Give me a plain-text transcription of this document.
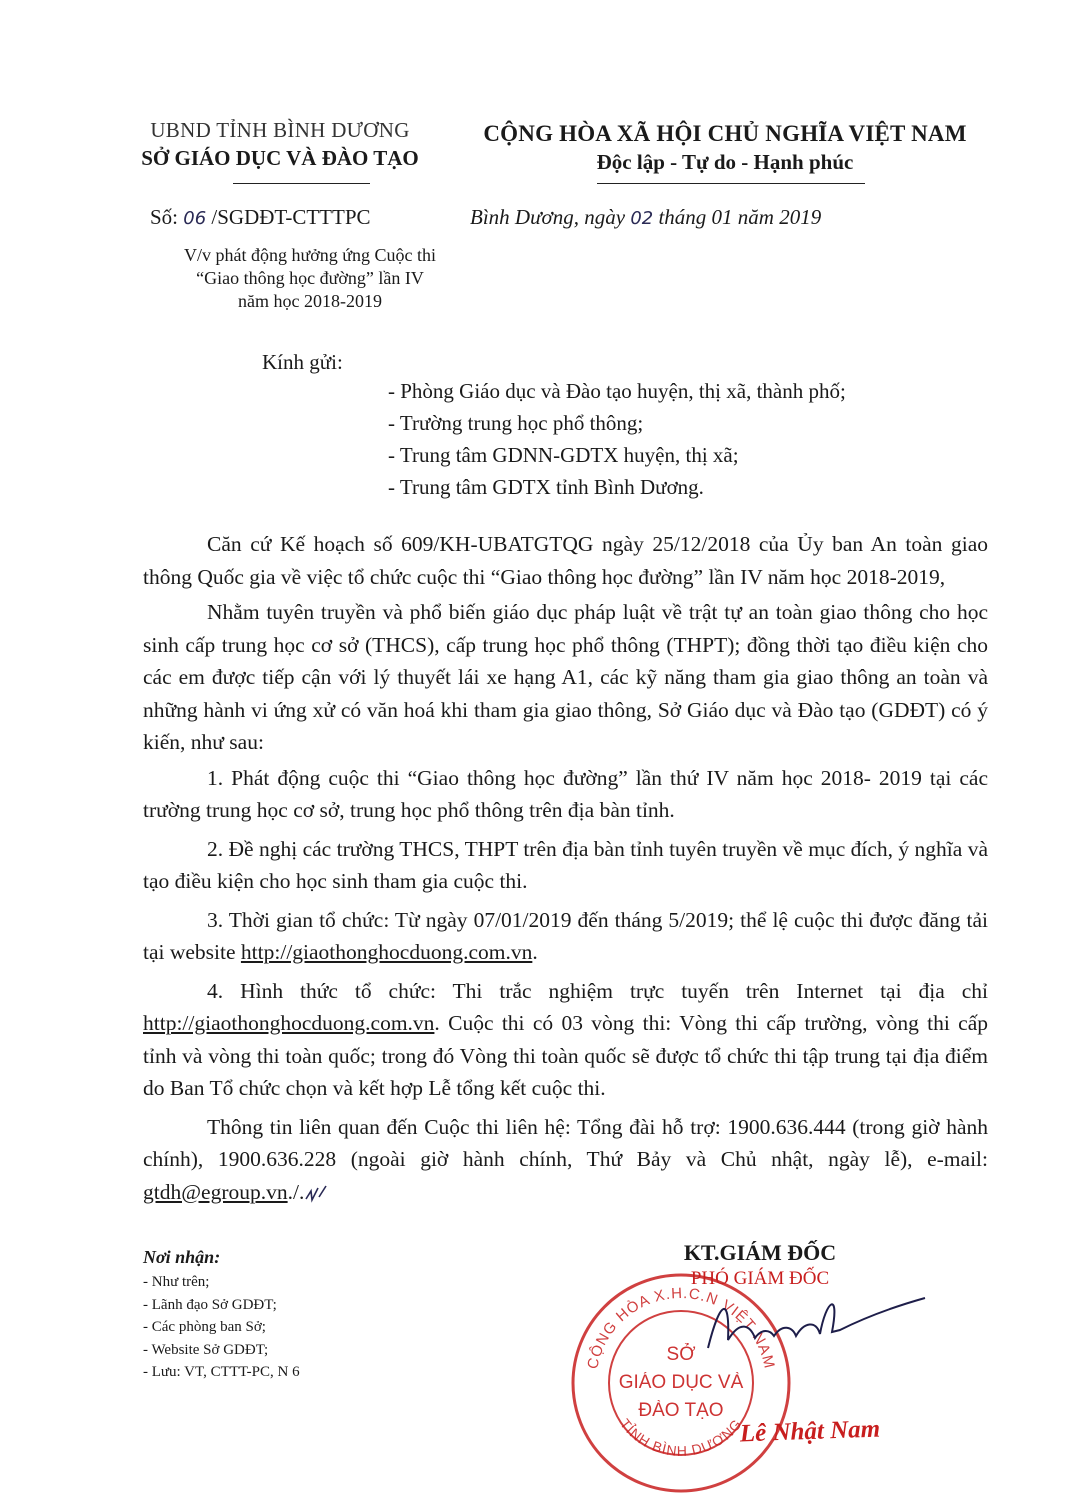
UBND TỈNH BÌNH DƯƠNG
SỞ GIÁO DỤC VÀ ĐÀO TẠO
CỘNG HÒA XÃ HỘI CHỦ NGHĨA VIỆT NAM
Độc lập - Tự do - Hạnh phúc
Số: 06 /SGDĐT-CTTTPC	Bình Dương, ngày 02 tháng 01 năm 2019
V/v phát động hưởng ứng Cuộc thi
“Giao thông học đường” lần IV
năm học 2018-2019
Kính gửi:
- Phòng Giáo dục và Đào tạo huyện, thị xã, thành phố;
- Trường trung học phổ thông;
- Trung tâm GDNN-GDTX huyện, thị xã;
- Trung tâm GDTX tỉnh Bình Dương.

Căn cứ Kế hoạch số 609/KH-UBATGTQG ngày 25/12/2018 của Ủy ban An toàn giao thông Quốc gia về việc tổ chức cuộc thi “Giao thông học đường” lần IV năm học 2018-2019,

Nhằm tuyên truyền và phổ biến giáo dục pháp luật về trật tự an toàn giao thông cho học sinh cấp trung học cơ sở (THCS), cấp trung học phổ thông (THPT); đồng thời tạo điều kiện cho các em được tiếp cận với lý thuyết lái xe hạng A1, các kỹ năng tham gia giao thông an toàn và những hành vi ứng xử có văn hoá khi tham gia giao thông, Sở Giáo dục và Đào tạo (GDĐT) có ý kiến, như sau:

1. Phát động cuộc thi “Giao thông học đường” lần thứ IV năm học 2018- 2019 tại các trường trung học cơ sở, trung học phổ thông trên địa bàn tỉnh.

2. Đề nghị các trường THCS, THPT trên địa bàn tỉnh tuyên truyền về mục đích, ý nghĩa và tạo điều kiện cho học sinh tham gia cuộc thi.

3. Thời gian tổ chức: Từ ngày 07/01/2019 đến tháng 5/2019; thể lệ cuộc thi được đăng tải tại website http://giaothonghocduong.com.vn.

4. Hình thức tổ chức: Thi trắc nghiệm trực tuyến trên Internet tại địa chỉ http://giaothonghocduong.com.vn. Cuộc thi có 03 vòng thi: Vòng thi cấp trường, vòng thi cấp tỉnh và vòng thi toàn quốc; trong đó Vòng thi toàn quốc sẽ được tổ chức thi tập trung tại địa điểm do Ban Tổ chức chọn và kết hợp Lễ tổng kết cuộc thi.

Thông tin liên quan đến Cuộc thi liên hệ: Tổng đài hỗ trợ: 1900.636.444 (trong giờ hành chính), 1900.636.228 (ngoài giờ hành chính, Thứ Bảy và Chủ nhật, ngày lễ), e-mail: gtdh@egroup.vn./.

Nơi nhận:
- Như trên;
- Lãnh đạo Sở GDĐT;
- Các phòng ban Sở;
- Website Sở GDĐT;
- Lưu: VT, CTTT-PC, N 6
KT.GIÁM ĐỐC
PHÓ GIÁM ĐỐC
CỘNG HÒA X.H.C.N VIỆT NAM
TỈNH BÌNH DƯƠNG
SỞ
GIÁO DỤC VÀ
ĐÀO TẠO
Lê Nhật Nam
